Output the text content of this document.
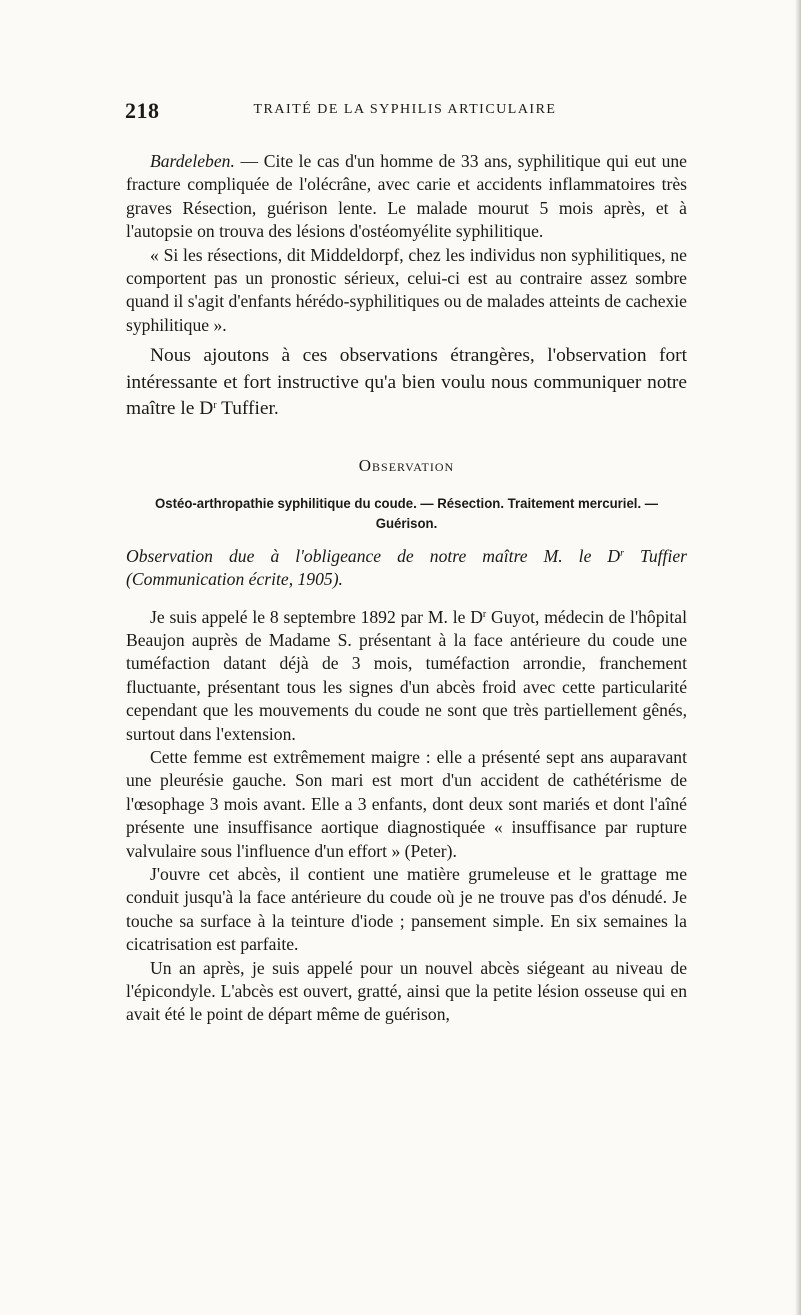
218	TRAITÉ DE LA SYPHILIS ARTICULAIRE

Bardeleben. — Cite le cas d'un homme de 33 ans, syphilitique qui eut une fracture compliquée de l'olécrâne, avec carie et accidents inflammatoires très graves Résection, guérison lente. Le malade mourut 5 mois après, et à l'autopsie on trouva des lésions d'ostéomyélite syphilitique.

« Si les résections, dit Middeldorpf, chez les individus non syphilitiques, ne comportent pas un pronostic sérieux, celui-ci est au contraire assez sombre quand il s'agit d'enfants hérédo-syphilitiques ou de malades atteints de cachexie syphilitique ».

Nous ajoutons à ces observations étrangères, l'observation fort intéressante et fort instructive qu'a bien voulu nous communiquer notre maître le $D^r$ Tuffier.

Observation
Ostéo-arthropathie syphilitique du coude. — Résection. Traitement mercuriel. — Guérison.

Observation due à l'obligeance de notre maître M. le $D^r$ Tuffier (Communication écrite, 1905).

Je suis appelé le 8 septembre 1892 par M. le $D^r$ Guyot, médecin de l'hôpital Beaujon auprès de Madame S. présentant à la face antérieure du coude une tuméfaction datant déjà de 3 mois, tuméfaction arrondie, franchement fluctuante, présentant tous les signes d'un abcès froid avec cette particularité cependant que les mouvements du coude ne sont que très partiellement gênés, surtout dans l'extension.

Cette femme est extrêmement maigre : elle a présenté sept ans auparavant une pleurésie gauche. Son mari est mort d'un accident de cathétérisme de l'œsophage 3 mois avant. Elle a 3 enfants, dont deux sont mariés et dont l'aîné présente une insuffisance aortique diagnostiquée « insuffisance par rupture valvulaire sous l'influence d'un effort » (Peter).

J'ouvre cet abcès, il contient une matière grumeleuse et le grattage me conduit jusqu'à la face antérieure du coude où je ne trouve pas d'os dénudé. Je touche sa surface à la teinture d'iode ; pansement simple. En six semaines la cicatrisation est parfaite.

Un an après, je suis appelé pour un nouvel abcès siégeant au niveau de l'épicondyle. L'abcès est ouvert, gratté, ainsi que la petite lésion osseuse qui en avait été le point de départ même de guérison,
